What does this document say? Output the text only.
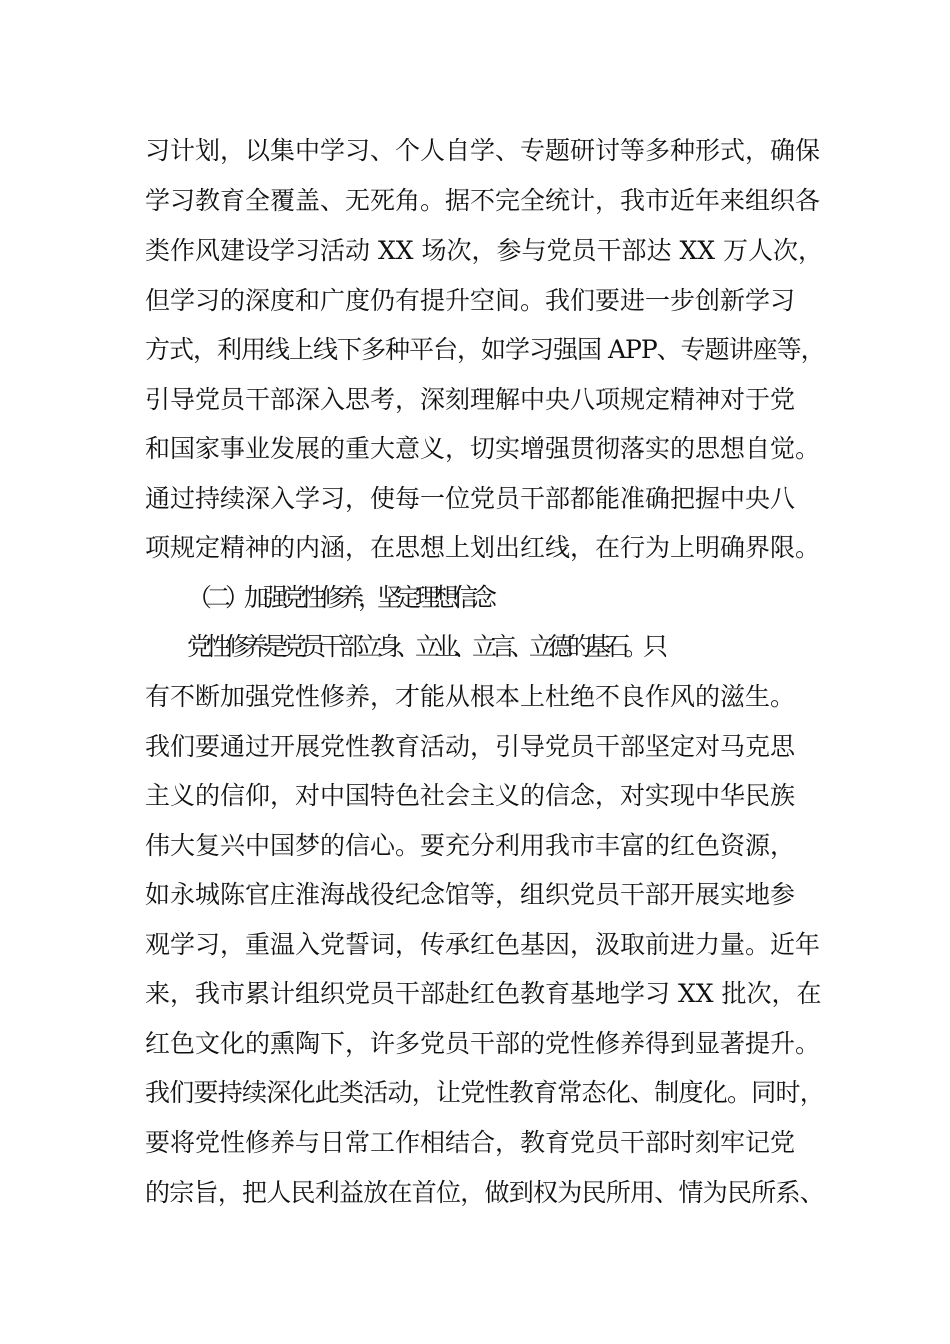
习计划，以集中学习、个人自学、专题研讨等多种形式，确保
学习教育全覆盖、无死角。据不完全统计，我市近年来组织各
类作风建设学习活动 XX 场次，参与党员干部达 XX 万人次，
但学习的深度和广度仍有提升空间。我们要进一步创新学习
方式，利用线上线下多种平台，如学习强国 APP、专题讲座等，
引导党员干部深入思考，深刻理解中央八项规定精神对于党
和国家事业发展的重大意义，切实增强贯彻落实的思想自觉。
通过持续深入学习，使每一位党员干部都能准确把握中央八
项规定精神的内涵，在思想上划出红线，在行为上明确界限。
（二）加强党性修养，坚定理想信念
党性修养是党员干部立身、立业、立言、立德的基石。只
有不断加强党性修养，才能从根本上杜绝不良作风的滋生。
我们要通过开展党性教育活动，引导党员干部坚定对马克思
主义的信仰，对中国特色社会主义的信念，对实现中华民族
伟大复兴中国梦的信心。要充分利用我市丰富的红色资源，
如永城陈官庄淮海战役纪念馆等，组织党员干部开展实地参
观学习，重温入党誓词，传承红色基因，汲取前进力量。近年
来，我市累计组织党员干部赴红色教育基地学习 XX 批次，在
红色文化的熏陶下，许多党员干部的党性修养得到显著提升。
我们要持续深化此类活动，让党性教育常态化、制度化。同时，
要将党性修养与日常工作相结合，教育党员干部时刻牢记党
的宗旨，把人民利益放在首位，做到权为民所用、情为民所系、
